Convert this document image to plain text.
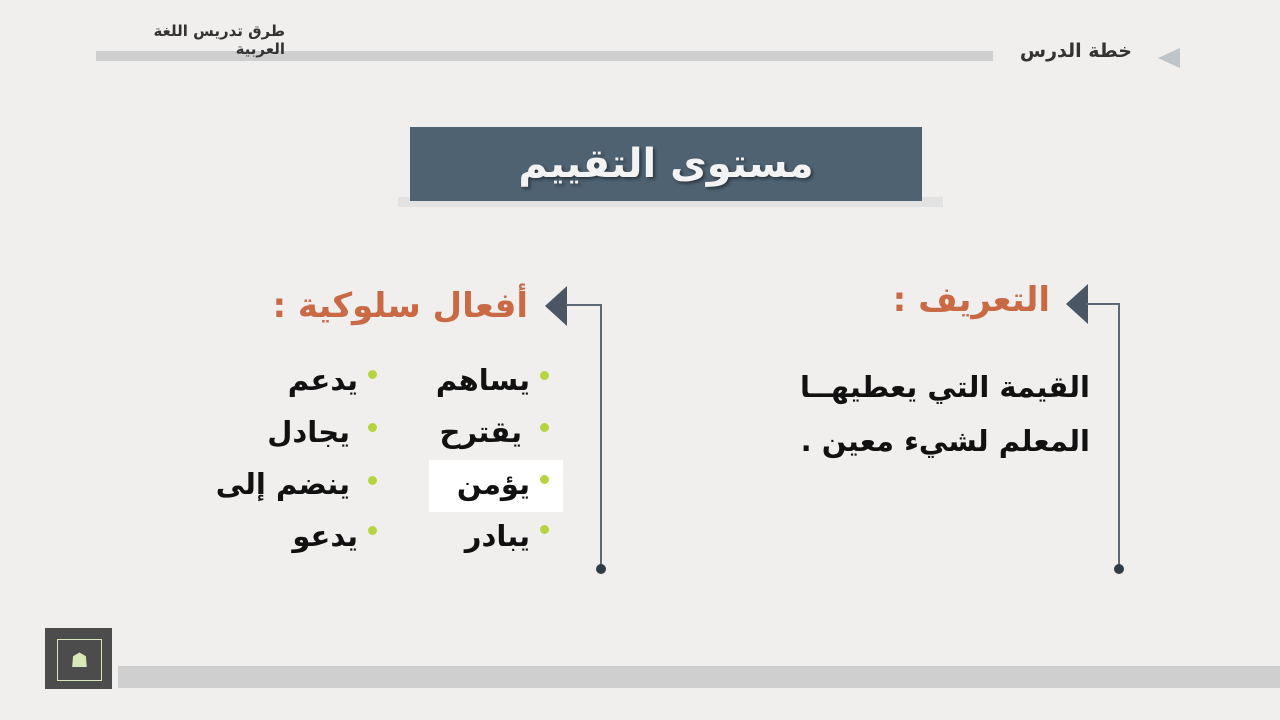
طرق تدريس اللغة العربية	خطة الدرس
مستوى التقييم
التعريف :
القيمة التي يعطيهــا
المعلم لشيء معين .
أفعال سلوكية :
يساهم
يقترح
يؤمن
يبادر
يدعم
يجادل
ينضم إلى
يدعو
☗
